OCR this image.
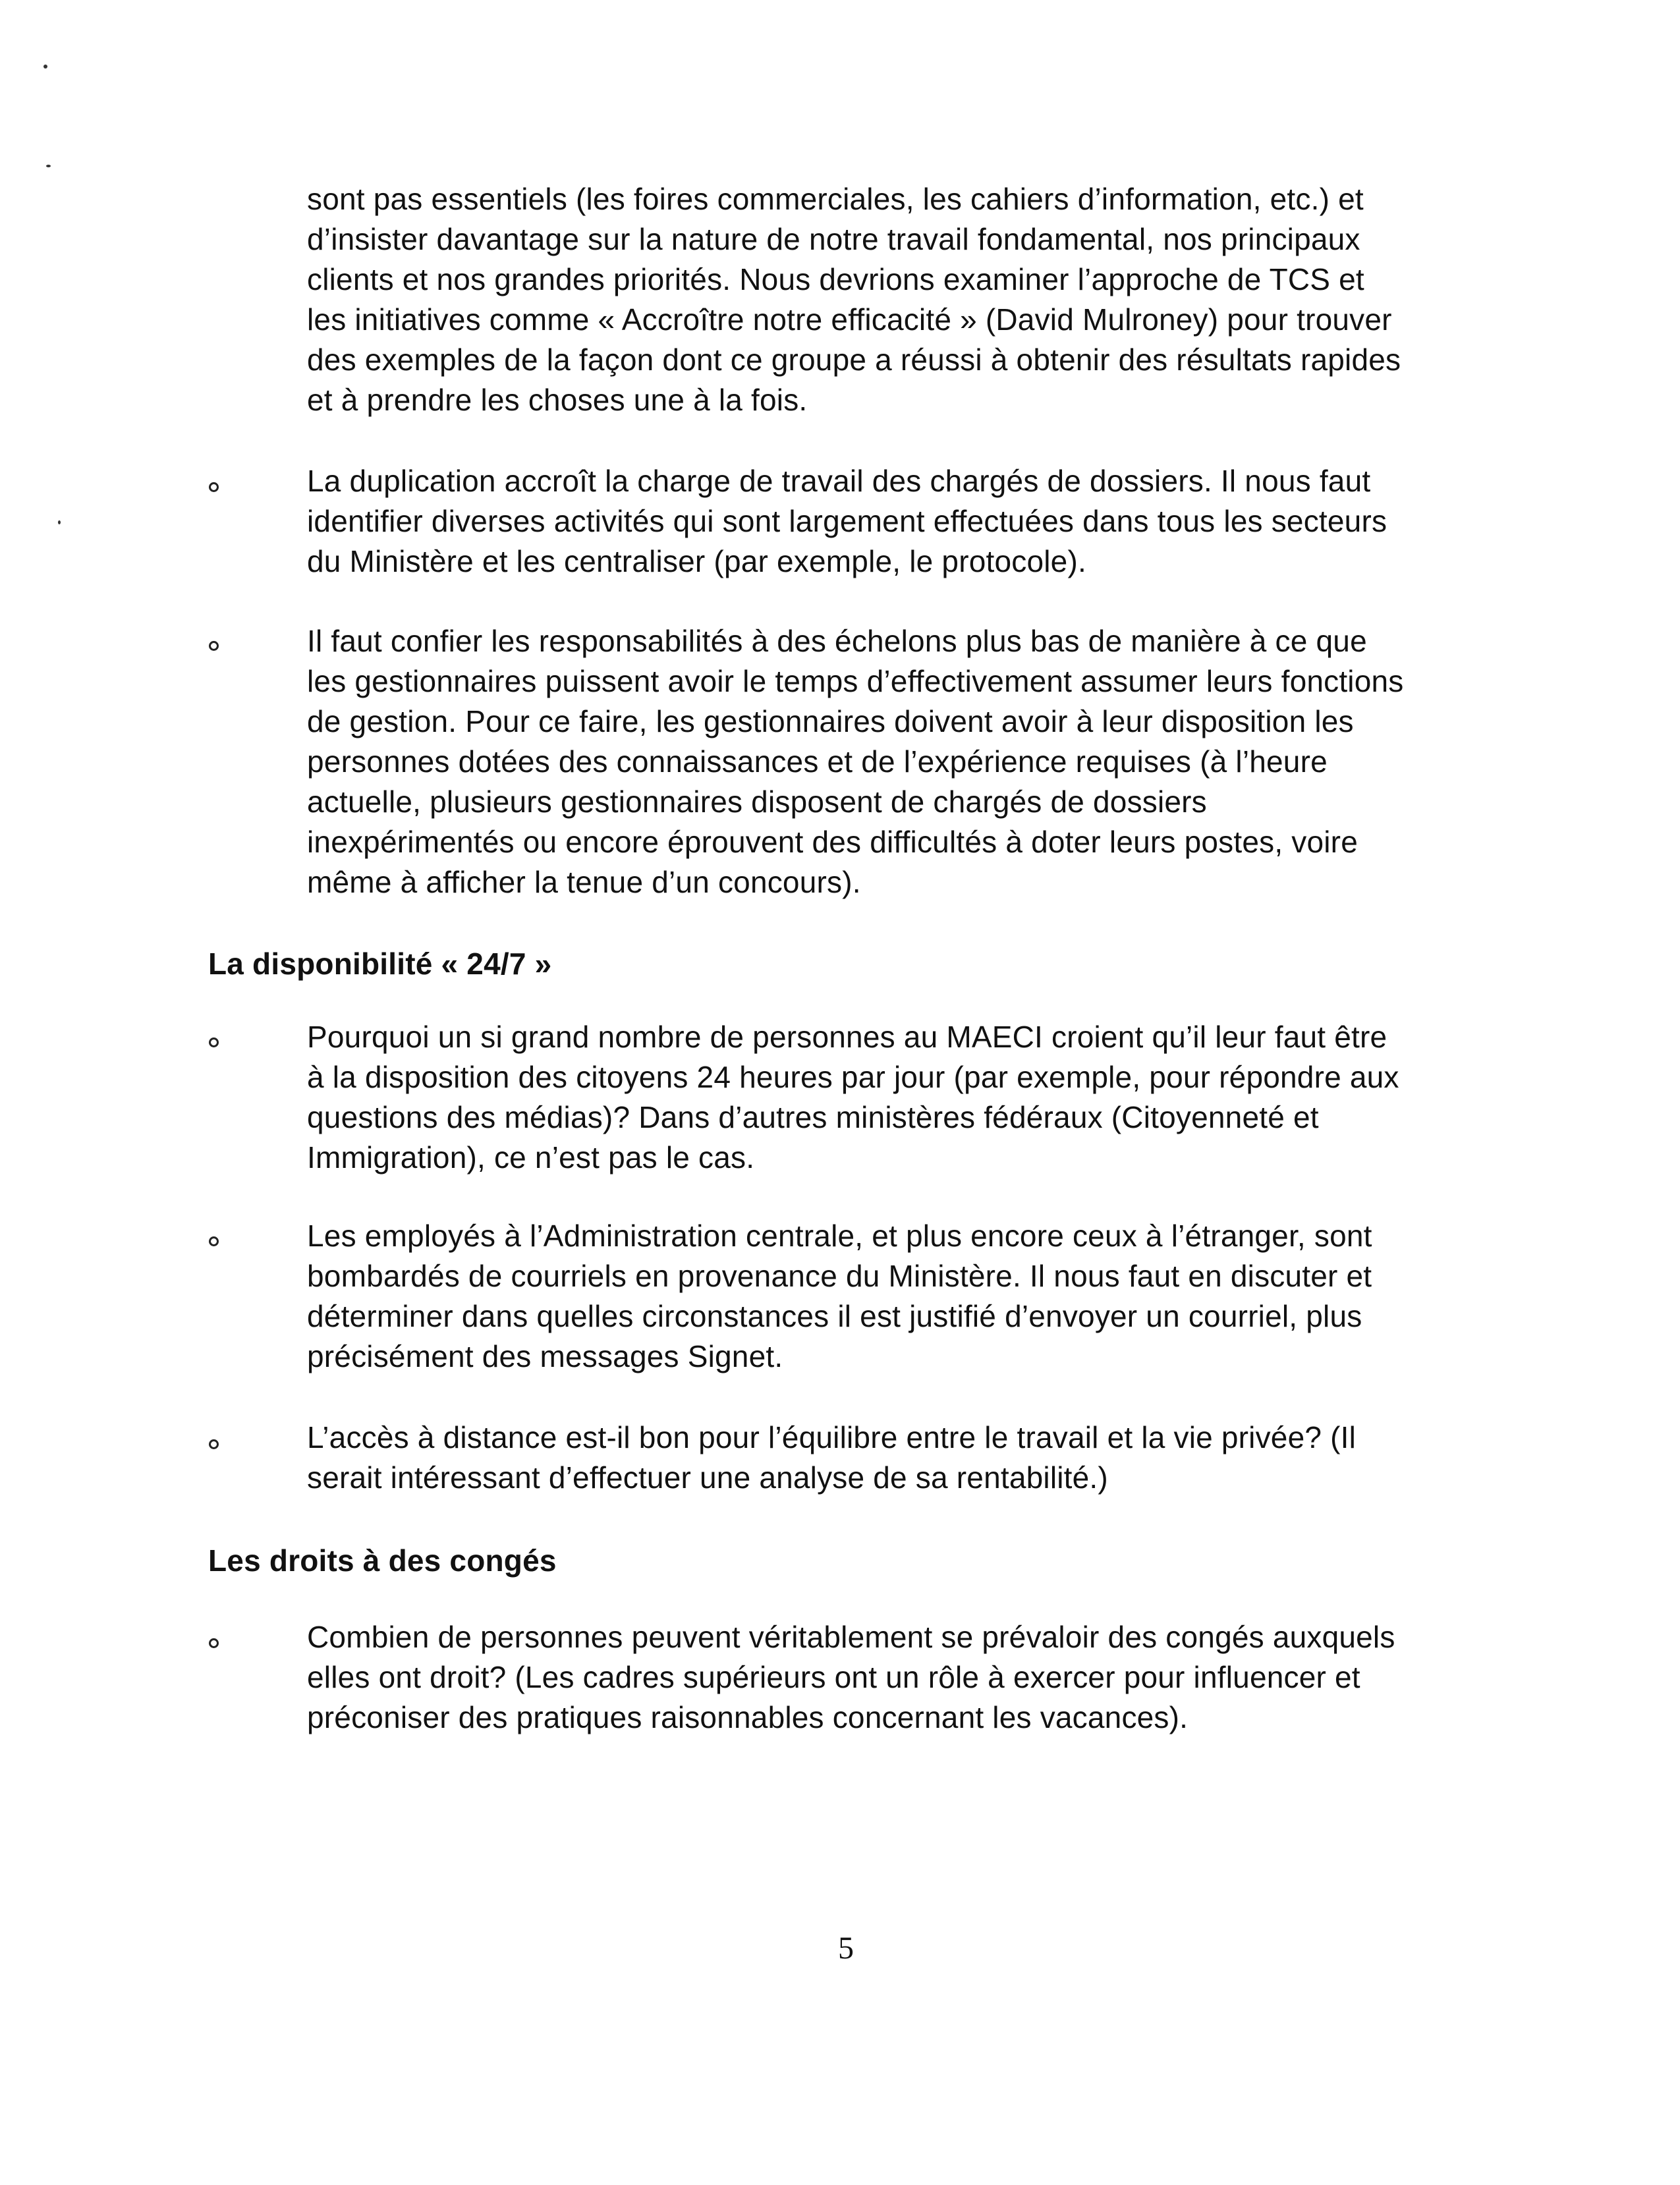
sont pas essentiels (les foires commerciales, les cahiers d’information, etc.) et
d’insister davantage sur la nature de notre travail fondamental, nos principaux
clients et nos grandes priorités. Nous devrions examiner l’approche de TCS et
les initiatives comme « Accroître notre efficacité » (David Mulroney) pour trouver
des exemples de la façon dont ce groupe a réussi à obtenir des résultats rapides
et à prendre les choses une à la fois.
La duplication accroît la charge de travail des chargés de dossiers. Il nous faut
identifier diverses activités qui sont largement effectuées dans tous les secteurs
du Ministère et les centraliser (par exemple, le protocole).
Il faut confier les responsabilités à des échelons plus bas de manière à ce que
les gestionnaires puissent avoir le temps d’effectivement assumer leurs fonctions
de gestion. Pour ce faire, les gestionnaires doivent avoir à leur disposition les
personnes dotées des connaissances et de l’expérience requises (à l’heure
actuelle, plusieurs gestionnaires disposent de chargés de dossiers
inexpérimentés ou encore éprouvent des difficultés à doter leurs postes, voire
même à afficher la tenue d’un concours).
La disponibilité « 24/7 »
Pourquoi un si grand nombre de personnes au MAECI croient qu’il leur faut être
à la disposition des citoyens 24 heures par jour (par exemple, pour répondre aux
questions des médias)? Dans d’autres ministères fédéraux (Citoyenneté et
Immigration), ce n’est pas le cas.
Les employés à l’Administration centrale, et plus encore ceux à l’étranger, sont
bombardés de courriels en provenance du Ministère. Il nous faut en discuter et
déterminer dans quelles circonstances il est justifié d’envoyer un courriel, plus
précisément des messages Signet.
L’accès à distance est-il bon pour l’équilibre entre le travail et la vie privée? (Il
serait intéressant d’effectuer une analyse de sa rentabilité.)
Les droits à des congés
Combien de personnes peuvent véritablement se prévaloir des congés auxquels
elles ont droit? (Les cadres supérieurs ont un rôle à exercer pour influencer et
préconiser des pratiques raisonnables concernant les vacances).
5
